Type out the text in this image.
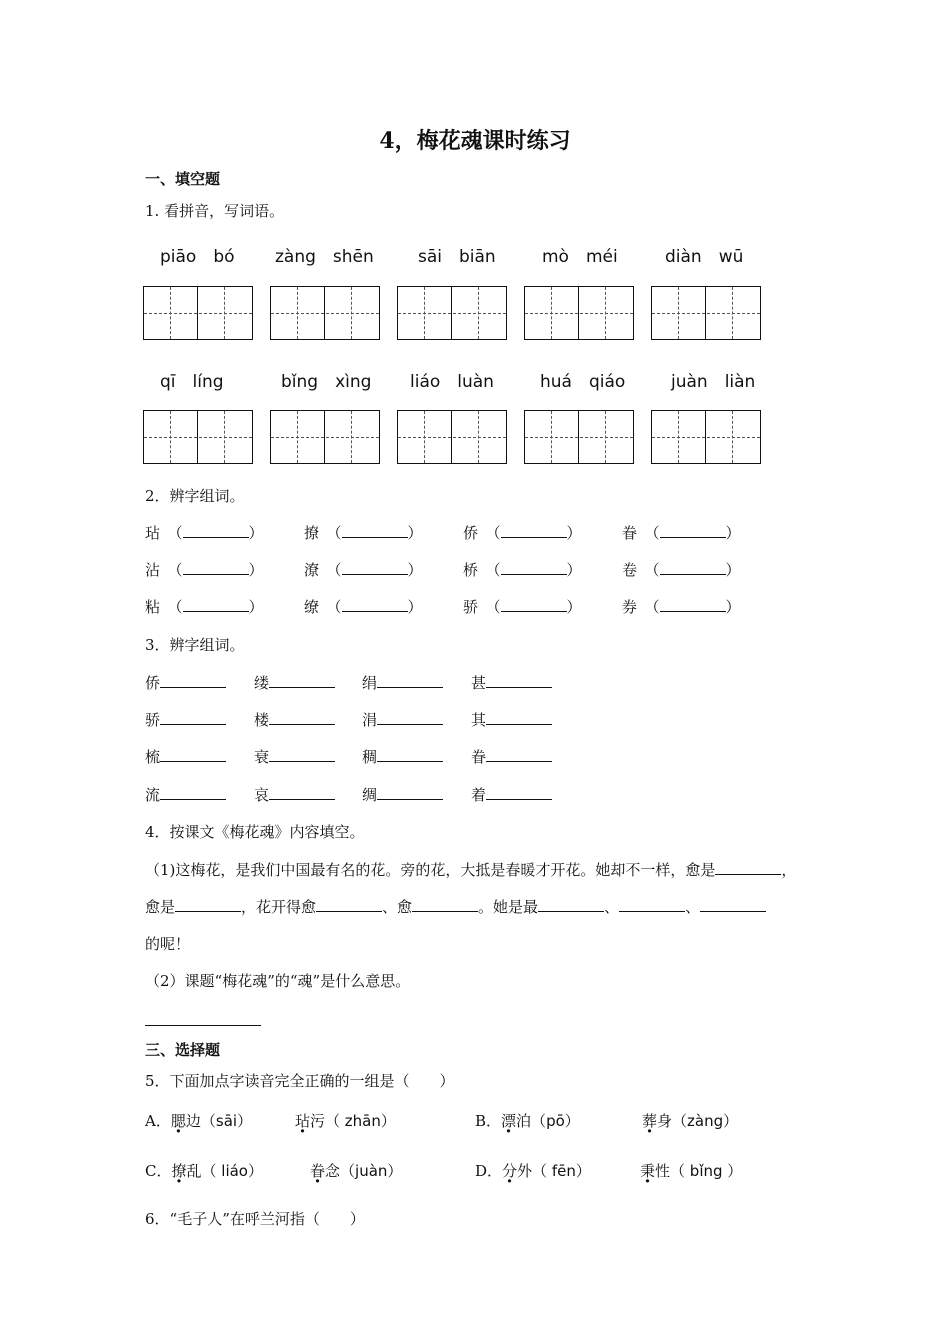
4，梅花魂课时练习
一、填空题
1. 看拼音，写词语。
piāo　bó zàng　shēn	sāi　biān	mò　méi	diàn　wū
qī　líng	bǐng　xìng liáo　luàn	huá　qiáo	juàn　liàn
2．辨字组词。
玷　（	）	撩　（	）	侨　（	）	眷　（	）
沾　（	）	潦　（	）	桥　（	）	卷　（	）
粘　（	）	缭　（	）	骄　（	）	券　（	）
3．辨字组词。
侨	缕	绢	甚
骄	楼	涓	其
梳	衰	稠	眷
流	哀	绸	着
4．按课文《梅花魂》内容填空。
（1)这梅花，是我们中国最有名的花。旁的花，大抵是春暖才开花。她却不一样，愈是	，
愈是	，花开得愈	、愈	。她是最	、	、
的呢！
（2）课题“梅花魂”的“魂”是什么意思。
三、选择题
5．下面加点字读音完全正确的一组是（　　）
A．腮边（sāi）	玷污（ zhān）	B．漂泊（pō）	葬身（zàng）
C．撩乱（ liáo）	眷念（juàn）	D．分外（ fēn）	秉性（ bǐng ）
6．“毛子人”在呼兰河指（　　）
